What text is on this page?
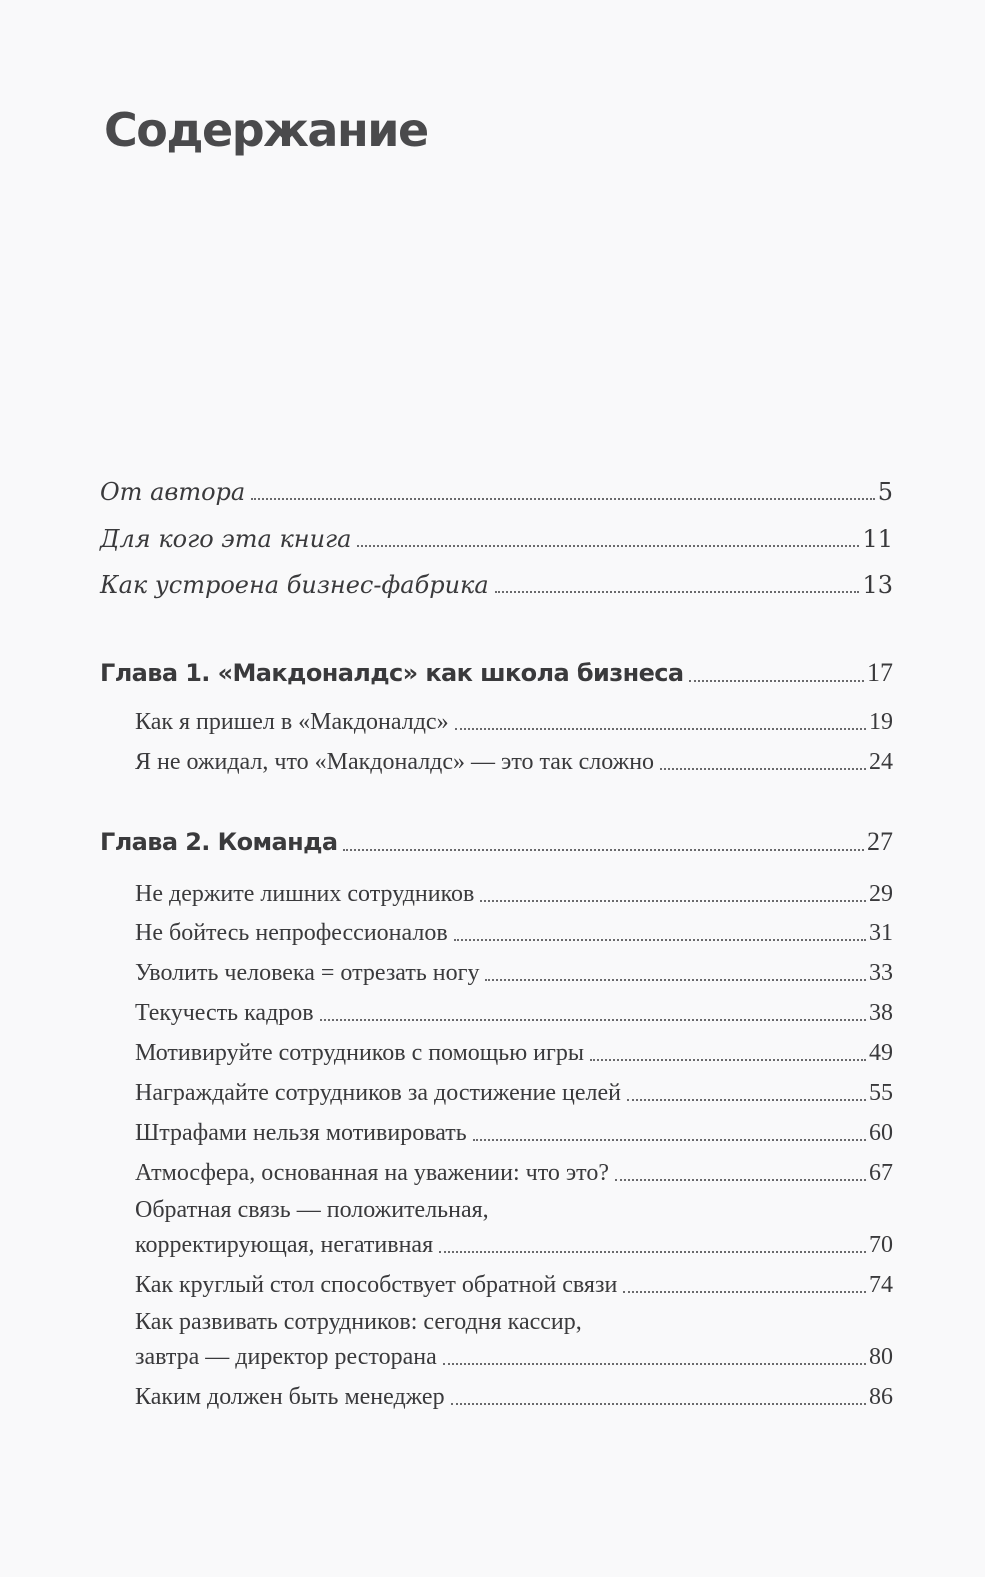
Содержание
От автора	5
Для кого эта книга	11
Как устроена бизнес-фабрика	13
Глава 1. «Макдоналдс» как школа бизнеса	17
Как я пришел в «Макдоналдс»	19
Я не ожидал, что «Макдоналдс» — это так сложно	24
Глава 2. Команда	27
Не держите лишних сотрудников	29
Не бойтесь непрофессионалов	31
Уволить человека = отрезать ногу	33
Текучесть кадров	38
Мотивируйте сотрудников с помощью игры	49
Награждайте сотрудников за достижение целей	55
Штрафами нельзя мотивировать	60
Атмосфера, основанная на уважении: что это?	67
Обратная связь — положительная,
корректирующая, негативная	70
Как круглый стол способствует обратной связи	74
Как развивать сотрудников: сегодня кассир,
завтра — директор ресторана	80
Каким должен быть менеджер	86
